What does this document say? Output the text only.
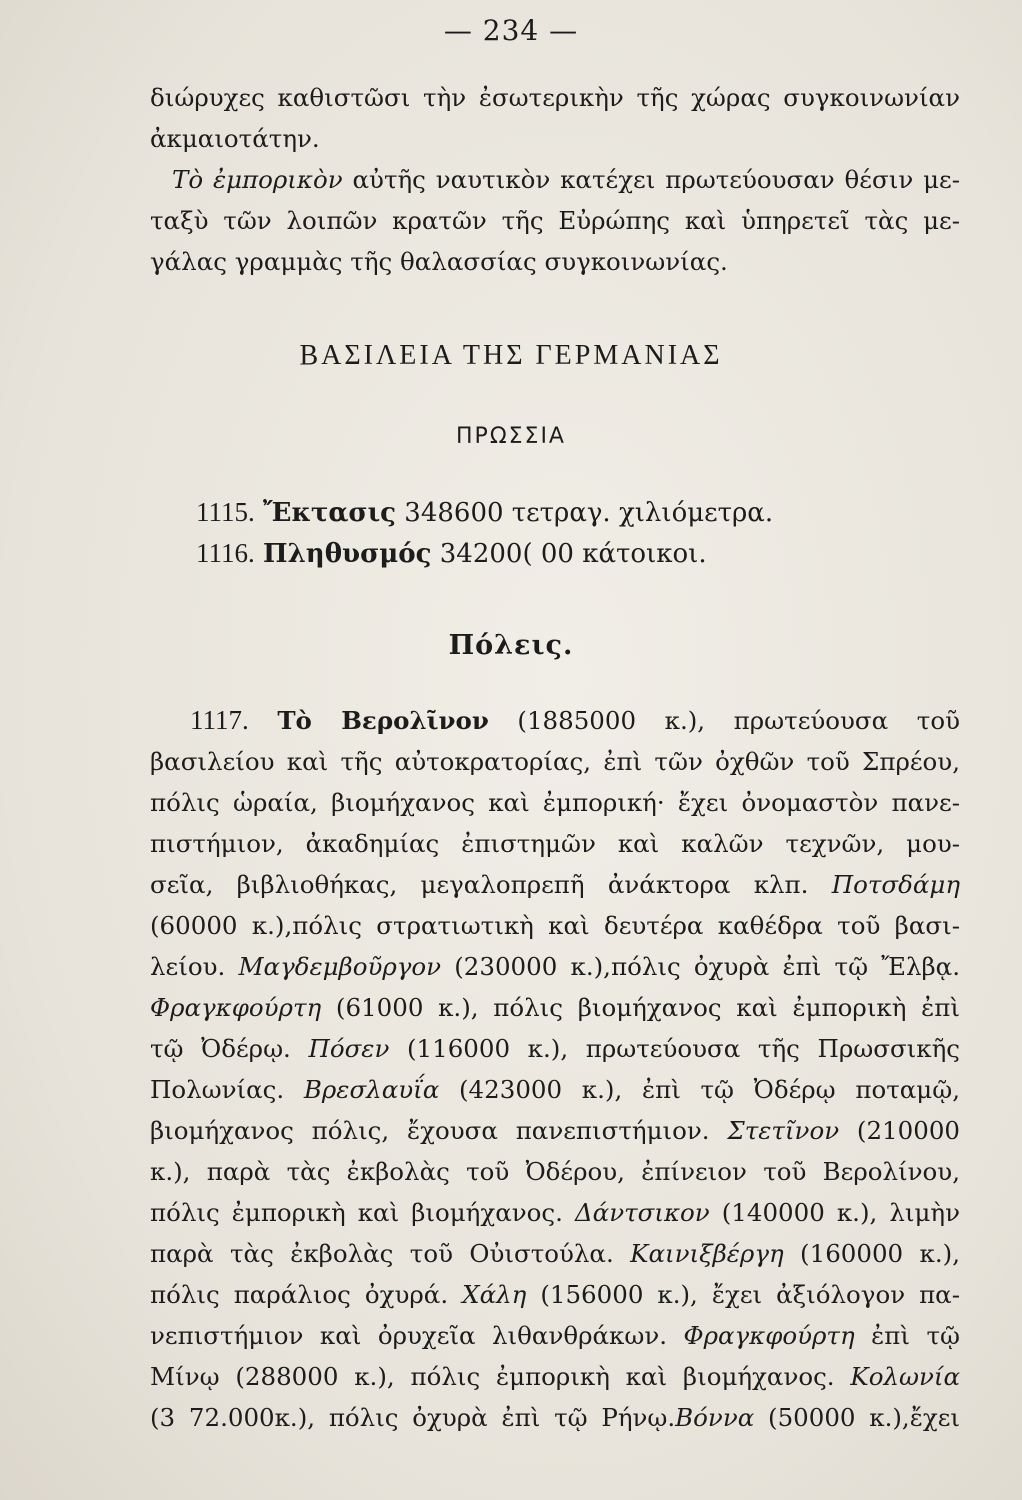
— 234 —
διώρυχες καθιστῶσι τὴν ἐσωτερικὴν τῆς χώρας συγκοινωνίαν
ἀκμαιοτάτην.
Τὸ ἐμπορικὸν αὐτῆς ναυτικὸν κατέχει πρωτεύουσαν θέσιν με-
ταξὺ τῶν λοιπῶν κρατῶν τῆς Εὐρώπης καὶ ὑπηρετεῖ τὰς με-
γάλας γραμμὰς τῆς θαλασσίας συγκοινωνίας.
ΒΑΣΙΛΕΙΑ ΤΗΣ ΓΕΡΜΑΝΙΑΣ
ΠΡΩΣΣΙΑ
1115. Ἔκτασις 348600 τετραγ. χιλιόμετρα.
1116. Πληθυσμός 34200( 00 κάτοικοι.
Πόλεις.
1117. Τὸ Βερολῖνον (1885000 κ.), πρωτεύουσα τοῦ
βασιλείου καὶ τῆς αὐτοκρατορίας, ἐπὶ τῶν ὀχθῶν τοῦ Σπρέου,
πόλις ὡραία, βιομήχανος καὶ ἐμπορική· ἔχει ὀνομαστὸν πανε-
πιστήμιον, ἀκαδημίας ἐπιστημῶν καὶ καλῶν τεχνῶν, μου-
σεῖα, βιβλιοθήκας, μεγαλοπρεπῆ ἀνάκτορα κλπ. Ποτσδάμη
(60000 κ.),πόλις στρατιωτικὴ καὶ δευτέρα καθέδρα τοῦ βασι-
λείου. Μαγδεμβοῦργον (230000 κ.),πόλις ὀχυρὰ ἐπὶ τῷ Ἔλβᾳ.
Φραγκφούρτη (61000 κ.), πόλις βιομήχανος καὶ ἐμπορικὴ ἐπὶ
τῷ Ὀδέρῳ. Πόσεν (116000 κ.), πρωτεύουσα τῆς Πρωσσικῆς
Πολωνίας. Βρεσλαυΐα (423000 κ.), ἐπὶ τῷ Ὀδέρῳ ποταμῷ,
βιομήχανος πόλις, ἔχουσα πανεπιστήμιον. Στετῖνον (210000
κ.), παρὰ τὰς ἐκβολὰς τοῦ Ὀδέρου, ἐπίνειον τοῦ Βερολίνου,
πόλις ἐμπορικὴ καὶ βιομήχανος. Δάντσικον (140000 κ.), λιμὴν
παρὰ τὰς ἐκβολὰς τοῦ Οὐιστούλα. Καινιξβέργη (160000 κ.),
πόλις παράλιος ὀχυρά. Χάλη (156000 κ.), ἔχει ἀξιόλογον πα-
νεπιστήμιον καὶ ὀρυχεῖα λιθανθράκων. Φραγκφούρτη ἐπὶ τῷ
Μίνῳ (288000 κ.), πόλις ἐμπορικὴ καὶ βιομήχανος. Κολωνία
(3 72.000κ.), πόλις ὀχυρὰ ἐπὶ τῷ Ρήνῳ.Βόννα (50000 κ.),ἔχει
